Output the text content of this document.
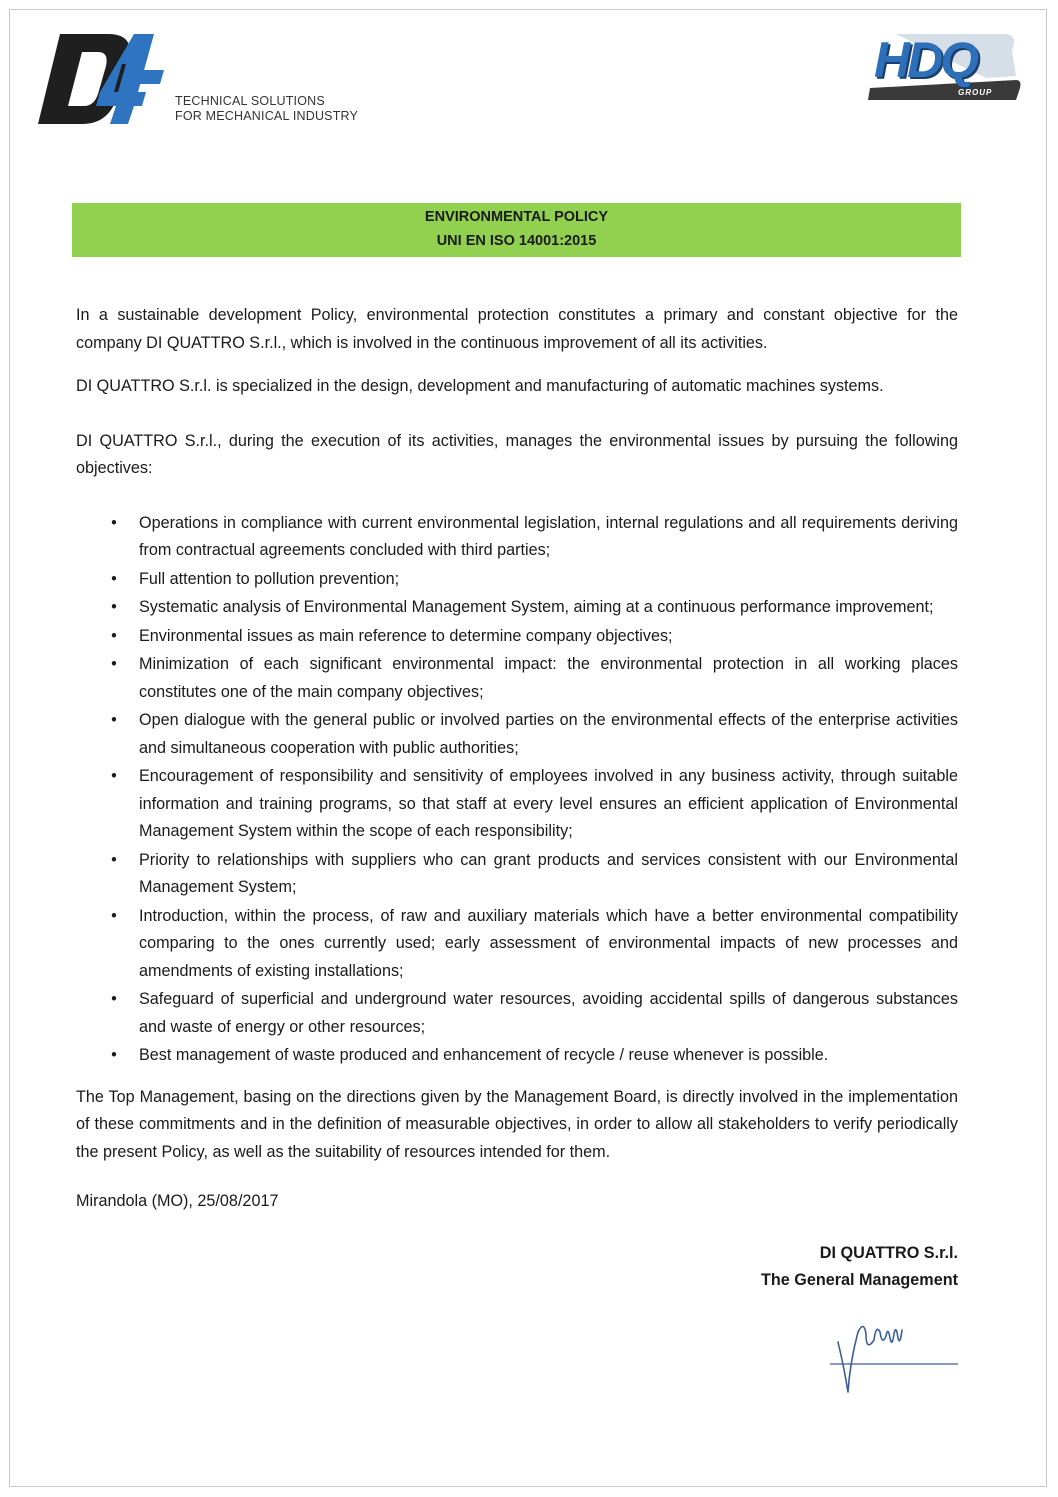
TECHNICAL SOLUTIONS
FOR MECHANICAL INDUSTRY
HDQ
GROUP
ENVIRONMENTAL POLICY
UNI EN ISO 14001:2015

In a sustainable development Policy, environmental protection constitutes a primary and constant objective for the company DI QUATTRO S.r.l., which is involved in the continuous improvement of all its activities.

DI QUATTRO S.r.l. is specialized in the design, development and manufacturing of automatic machines systems.

DI QUATTRO S.r.l., during the execution of its activities, manages the environmental issues by pursuing the following objectives:

• Operations in compliance with current environmental legislation, internal regulations and all requirements deriving from contractual agreements concluded with third parties;
• Full attention to pollution prevention;
• Systematic analysis of Environmental Management System, aiming at a continuous performance improvement;
• Environmental issues as main reference to determine company objectives;
• Minimization of each significant environmental impact: the environmental protection in all working places constitutes one of the main company objectives;
• Open dialogue with the general public or involved parties on the environmental effects of the enterprise activities and simultaneous cooperation with public authorities;
• Encouragement of responsibility and sensitivity of employees involved in any business activity, through suitable information and training programs, so that staff at every level ensures an efficient application of Environmental Management System within the scope of each responsibility;
• Priority to relationships with suppliers who can grant products and services consistent with our Environmental Management System;
• Introduction, within the process, of raw and auxiliary materials which have a better environmental compatibility comparing to the ones currently used; early assessment of environmental impacts of new processes and amendments of existing installations;
• Safeguard of superficial and underground water resources, avoiding accidental spills of dangerous substances and waste of energy or other resources;
• Best management of waste produced and enhancement of recycle / reuse whenever is possible.

The Top Management, basing on the directions given by the Management Board, is directly involved in the implementation of these commitments and in the definition of measurable objectives, in order to allow all stakeholders to verify periodically the present Policy, as well as the suitability of resources intended for them.

Mirandola (MO), 25/08/2017

DI QUATTRO S.r.l.
The General Management
